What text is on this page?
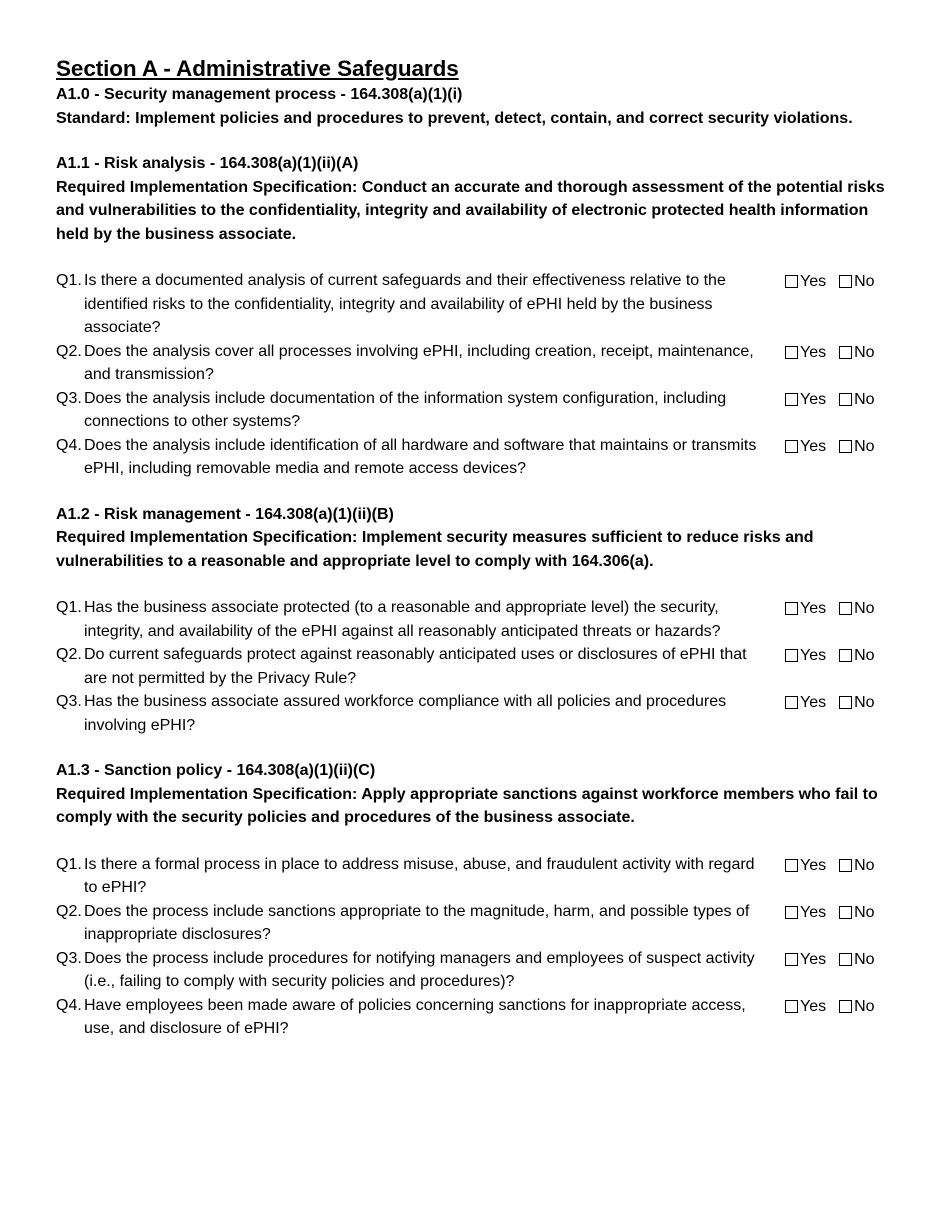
Section A - Administrative Safeguards

A1.0 - Security management process - 164.308(a)(1)(i)

Standard: Implement policies and procedures to prevent, detect, contain, and correct security violations.

A1.1 - Risk analysis - 164.308(a)(1)(ii)(A)

Required Implementation Specification: Conduct an accurate and thorough assessment of the potential risks and vulnerabilities to the confidentiality, integrity and availability of electronic protected health information held by the business associate.

Q1. Is there a documented analysis of current safeguards and their effectiveness relative to the identified risks to the confidentiality, integrity and availability of ePHI held by the business associate?
Yes No
Q2. Does the analysis cover all processes involving ePHI, including creation, receipt, maintenance, and transmission?
Yes No
Q3. Does the analysis include documentation of the information system configuration, including connections to other systems?
Yes No
Q4. Does the analysis include identification of all hardware and software that maintains or transmits ePHI, including removable media and remote access devices?
Yes No

A1.2 - Risk management - 164.308(a)(1)(ii)(B)

Required Implementation Specification: Implement security measures sufficient to reduce risks and vulnerabilities to a reasonable and appropriate level to comply with 164.306(a).

Q1. Has the business associate protected (to a reasonable and appropriate level) the security, integrity, and availability of the ePHI against all reasonably anticipated threats or hazards?
Yes No
Q2. Do current safeguards protect against reasonably anticipated uses or disclosures of ePHI that are not permitted by the Privacy Rule?
Yes No
Q3. Has the business associate assured workforce compliance with all policies and procedures involving ePHI?
Yes No

A1.3 - Sanction policy - 164.308(a)(1)(ii)(C)

Required Implementation Specification: Apply appropriate sanctions against workforce members who fail to comply with the security policies and procedures of the business associate.

Q1. Is there a formal process in place to address misuse, abuse, and fraudulent activity with regard to ePHI?
Yes No
Q2. Does the process include sanctions appropriate to the magnitude, harm, and possible types of inappropriate disclosures?
Yes No
Q3. Does the process include procedures for notifying managers and employees of suspect activity (i.e., failing to comply with security policies and procedures)?
Yes No
Q4. Have employees been made aware of policies concerning sanctions for inappropriate access, use, and disclosure of ePHI?
Yes No
